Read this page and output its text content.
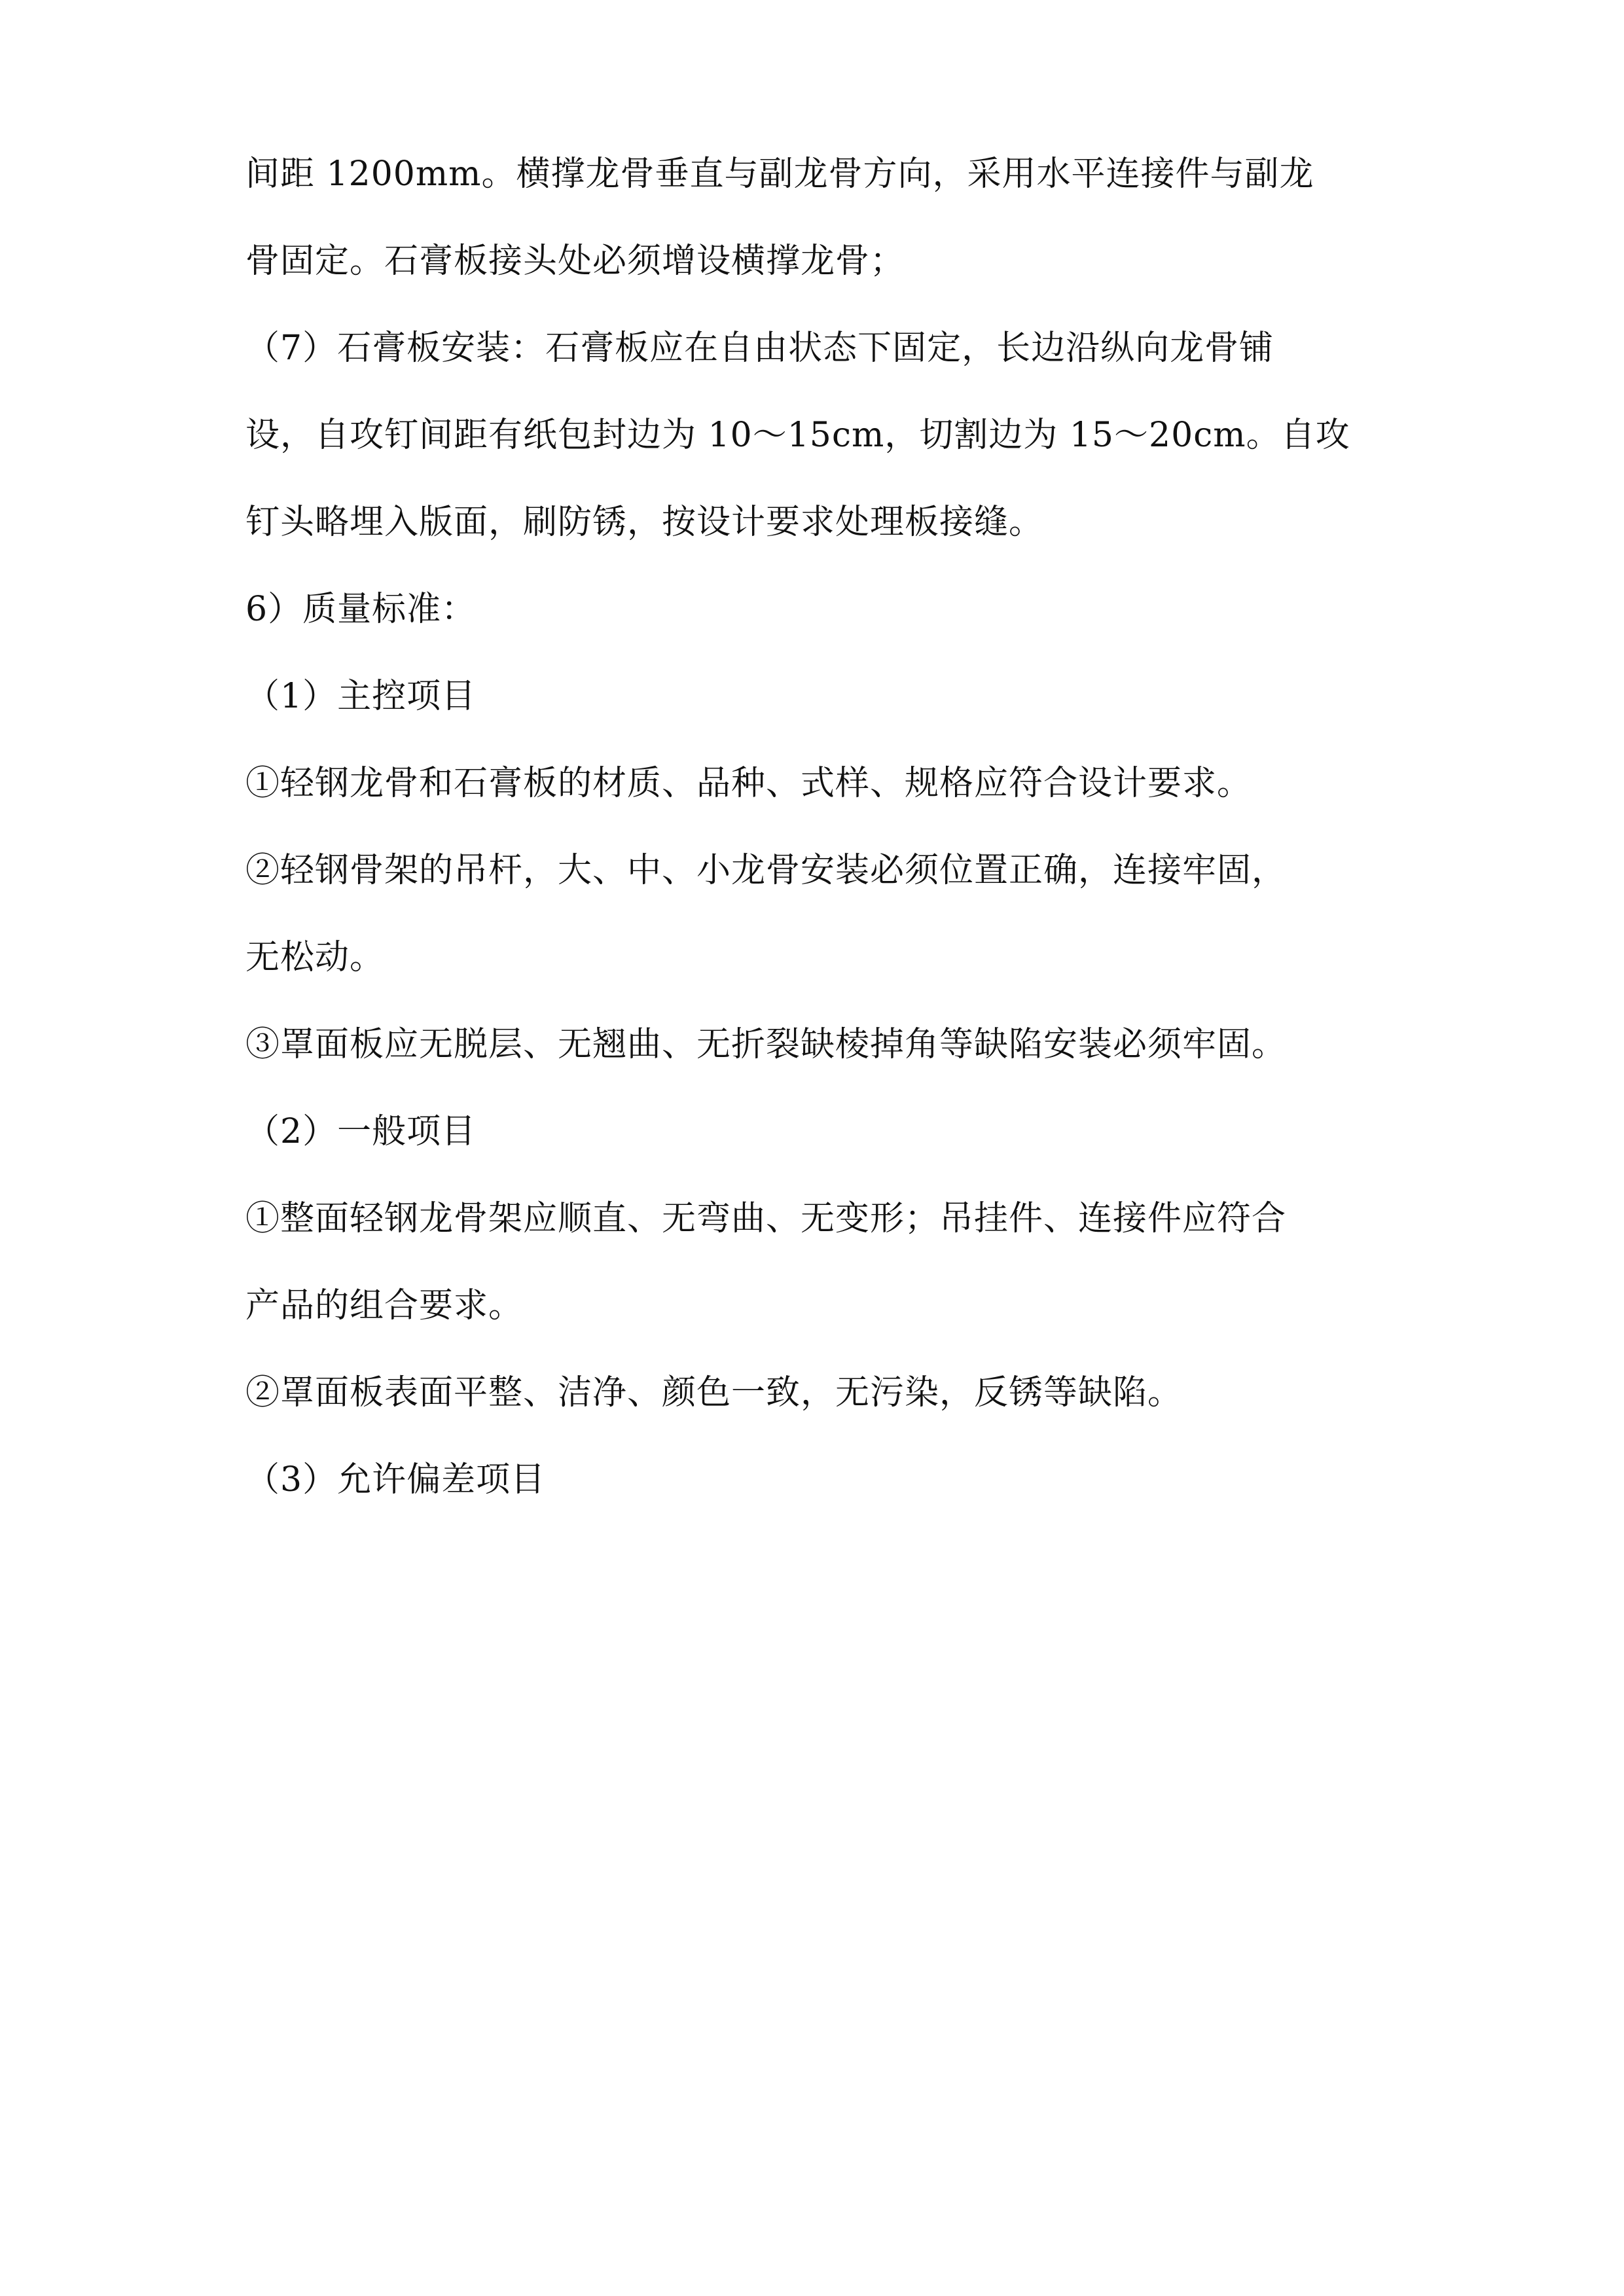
间距 1200mm。横撑龙骨垂直与副龙骨方向，采用水平连接件与副龙
骨固定。石膏板接头处必须增设横撑龙骨；
（7）石膏板安装：石膏板应在自由状态下固定，长边沿纵向龙骨铺
设，自攻钉间距有纸包封边为 10～15cm，切割边为 15～20cm。自攻
钉头略埋入版面，刷防锈，按设计要求处理板接缝。
6）质量标准：
（1）主控项目
①轻钢龙骨和石膏板的材质、品种、式样、规格应符合设计要求。
②轻钢骨架的吊杆，大、中、小龙骨安装必须位置正确，连接牢固，
无松动。
③罩面板应无脱层、无翘曲、无折裂缺棱掉角等缺陷安装必须牢固。
（2）一般项目
①整面轻钢龙骨架应顺直、无弯曲、无变形；吊挂件、连接件应符合
产品的组合要求。
②罩面板表面平整、洁净、颜色一致，无污染，反锈等缺陷。
（3）允许偏差项目
